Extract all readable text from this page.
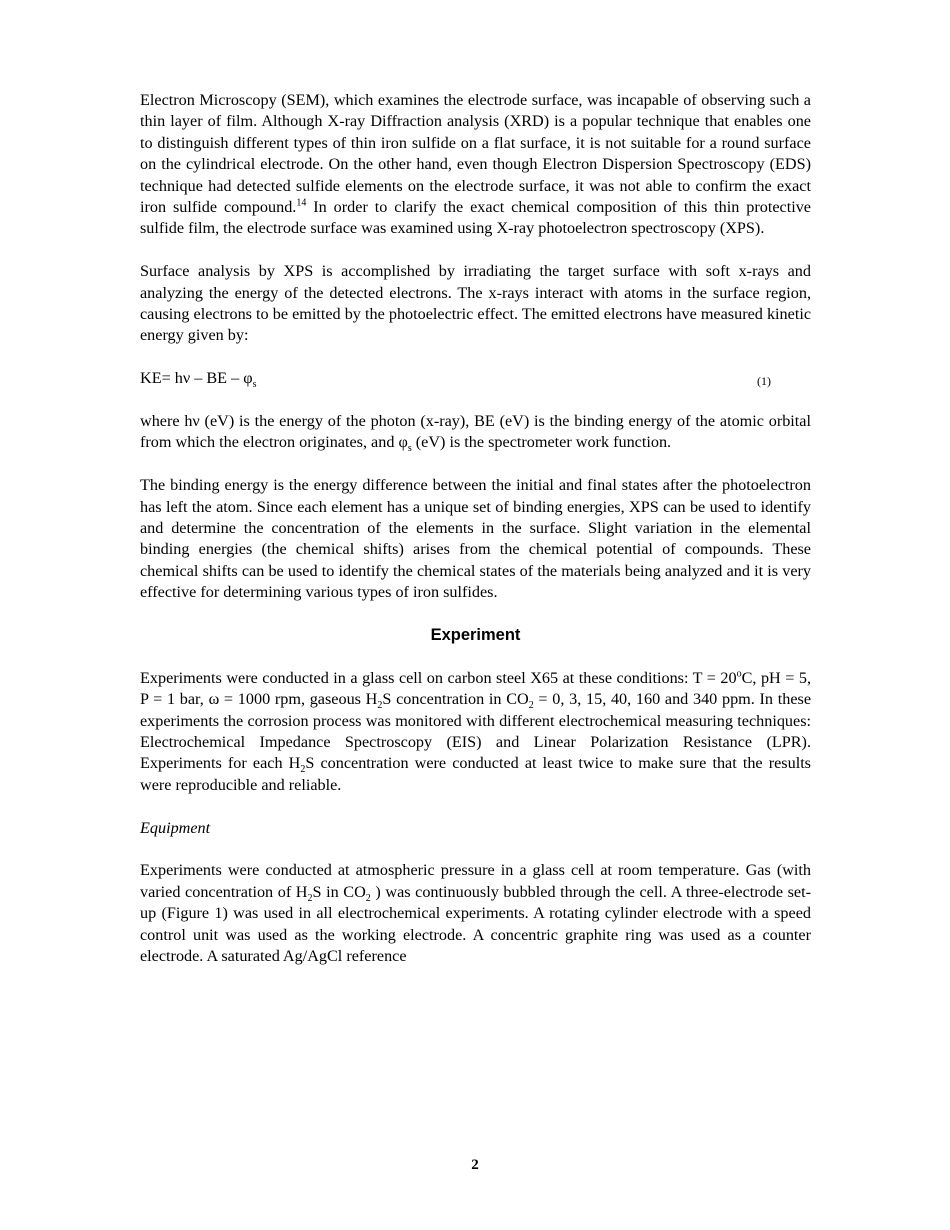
Electron Microscopy (SEM), which examines the electrode surface, was incapable of observing such a thin layer of film. Although X-ray Diffraction analysis (XRD) is a popular technique that enables one to distinguish different types of thin iron sulfide on a flat surface, it is not suitable for a round surface on the cylindrical electrode. On the other hand, even though Electron Dispersion Spectroscopy (EDS) technique had detected sulfide elements on the electrode surface, it was not able to confirm the exact iron sulfide compound.$^{14}$ In order to clarify the exact chemical composition of this thin protective sulfide film, the electrode surface was examined using X-ray photoelectron spectroscopy (XPS).

Surface analysis by XPS is accomplished by irradiating the target surface with soft x-rays and analyzing the energy of the detected electrons. The x-rays interact with atoms in the surface region, causing electrons to be emitted by the photoelectric effect. The emitted electrons have measured kinetic energy given by:

KE= hν – BE – $\varphi_s$	(1)

where hν (eV) is the energy of the photon (x-ray), BE (eV) is the binding energy of the atomic orbital from which the electron originates, and $\varphi_s$ (eV) is the spectrometer work function.

The binding energy is the energy difference between the initial and final states after the photoelectron has left the atom. Since each element has a unique set of binding energies, XPS can be used to identify and determine the concentration of the elements in the surface. Slight variation in the elemental binding energies (the chemical shifts) arises from the chemical potential of compounds. These chemical shifts can be used to identify the chemical states of the materials being analyzed and it is very effective for determining various types of iron sulfides.

Experiment

Experiments were conducted in a glass cell on carbon steel X65 at these conditions: $T = 20^oC$, pH = 5, P = 1 bar, ω = 1000 rpm, gaseous $H_2S$ concentration in $CO_2 = 0$, 3, 15, 40, 160 and 340 ppm. In these experiments the corrosion process was monitored with different electrochemical measuring techniques: Electrochemical Impedance Spectroscopy (EIS) and Linear Polarization Resistance (LPR). Experiments for each $H_2S$ concentration were conducted at least twice to make sure that the results were reproducible and reliable.

Equipment

Experiments were conducted at atmospheric pressure in a glass cell at room temperature. Gas (with varied concentration of $H_2S$ in $CO_2$ ) was continuously bubbled through the cell. A three-electrode set-up (Figure 1) was used in all electrochemical experiments. A rotating cylinder electrode with a speed control unit was used as the working electrode. A concentric graphite ring was used as a counter electrode. A saturated Ag/AgCl reference

2
